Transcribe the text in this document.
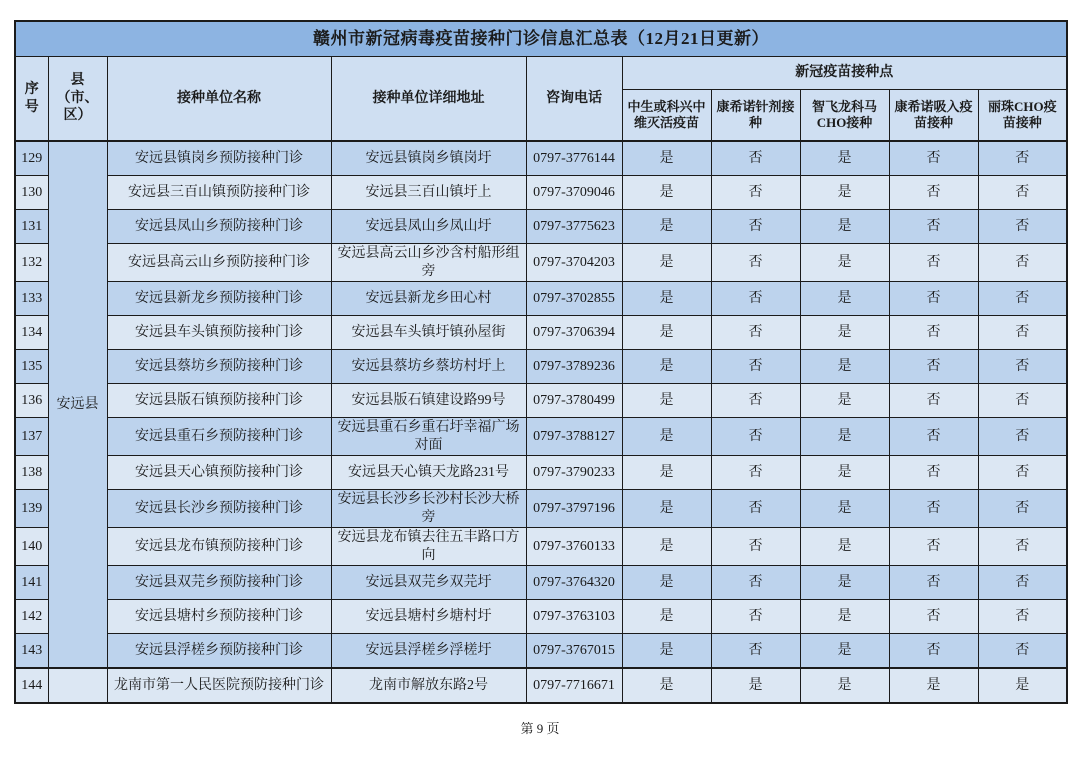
赣州市新冠病毒疫苗接种门诊信息汇总表（12月21日更新）									
序号	县（市、区）	接种单位名称	接种单位详细地址	咨询电话	新冠疫苗接种点				
					中生或科兴中维灭活疫苗	康希诺针剂接种	智飞龙科马CHO接种	康希诺吸入疫苗接种	丽珠CHO疫苗接种
129	安远县	安远县镇岗乡预防接种门诊	安远县镇岗乡镇岗圩	0797-3776144	是	否	是	否	否
130		安远县三百山镇预防接种门诊	安远县三百山镇圩上	0797-3709046	是	否	是	否	否
131		安远县凤山乡预防接种门诊	安远县凤山乡凤山圩	0797-3775623	是	否	是	否	否
132		安远县高云山乡预防接种门诊	安远县高云山乡沙含村船形组旁	0797-3704203	是	否	是	否	否
133		安远县新龙乡预防接种门诊	安远县新龙乡田心村	0797-3702855	是	否	是	否	否
134		安远县车头镇预防接种门诊	安远县车头镇圩镇孙屋街	0797-3706394	是	否	是	否	否
135		安远县蔡坊乡预防接种门诊	安远县蔡坊乡蔡坊村圩上	0797-3789236	是	否	是	否	否
136		安远县版石镇预防接种门诊	安远县版石镇建设路99号	0797-3780499	是	否	是	否	否
137		安远县重石乡预防接种门诊	安远县重石乡重石圩幸福广场对面	0797-3788127	是	否	是	否	否
138		安远县天心镇预防接种门诊	安远县天心镇天龙路231号	0797-3790233	是	否	是	否	否
139		安远县长沙乡预防接种门诊	安远县长沙乡长沙村长沙大桥旁	0797-3797196	是	否	是	否	否
140		安远县龙布镇预防接种门诊	安远县龙布镇去往五丰路口方向	0797-3760133	是	否	是	否	否
141		安远县双芫乡预防接种门诊	安远县双芫乡双芫圩	0797-3764320	是	否	是	否	否
142		安远县塘村乡预防接种门诊	安远县塘村乡塘村圩	0797-3763103	是	否	是	否	否
143		安远县浮槎乡预防接种门诊	安远县浮槎乡浮槎圩	0797-3767015	是	否	是	否	否
144		龙南市第一人民医院预防接种门诊	龙南市解放东路2号	0797-7716671	是	是	是	是	是
第 9 页
